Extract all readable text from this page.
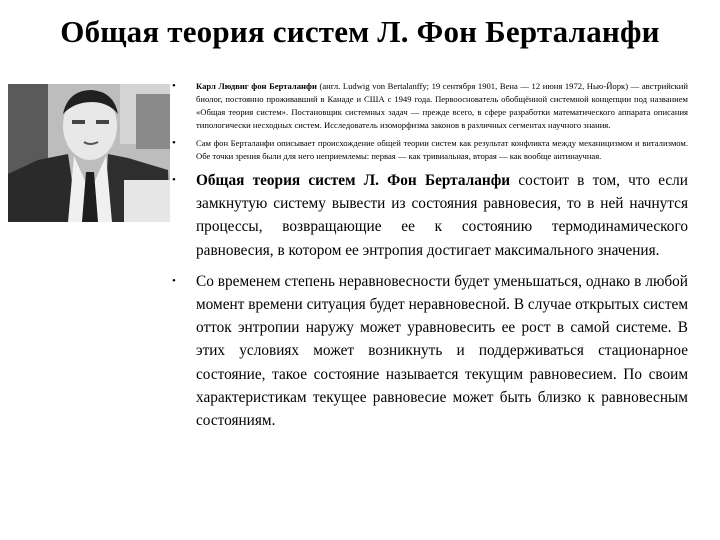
Общая теория систем Л. Фон Берталанфи
• Карл Людвиг фон Берталанфи (англ. Ludwig von Bertalanffy; 19 сентября 1901, Вена — 12 июня 1972, Нью-Йорк) — австрийский биолог, постоянно проживавший в Канаде и США с 1949 года. Первооснователь обобщённой системной концепции под названием «Общая теория систем». Постановщик системных задач — прежде всего, в сфере разработки математического аппарата описания типологически несходных систем. Исследователь изоморфизма законов в различных сегментах научного знания.
• Сам фон Берталанфи описывает происхождение общей теории систем как результат конфликта между механицизмом и витализмом. Обе точки зрения были для него неприемлемы: первая — как тривиальная, вторая — как вообще антинаучная.
• Общая теория систем Л. Фон Берталанфи состоит в том, что если замкнутую систему вывести из состояния равновесия, то в ней начнутся процессы, возвращающие ее к состоянию термодинамического равновесия, в котором ее энтропия достигает максимального значения.
• Со временем степень неравновесности будет уменьшаться, однако в любой момент времени ситуация будет неравновесной. В случае открытых систем отток энтропии наружу может уравновесить ее рост в самой системе. В этих условиях может возникнуть и поддерживаться стационарное состояние, такое состояние называется текущим равновесием. По своим характеристикам текущее равновесие может быть близко к равновесным состояниям.
